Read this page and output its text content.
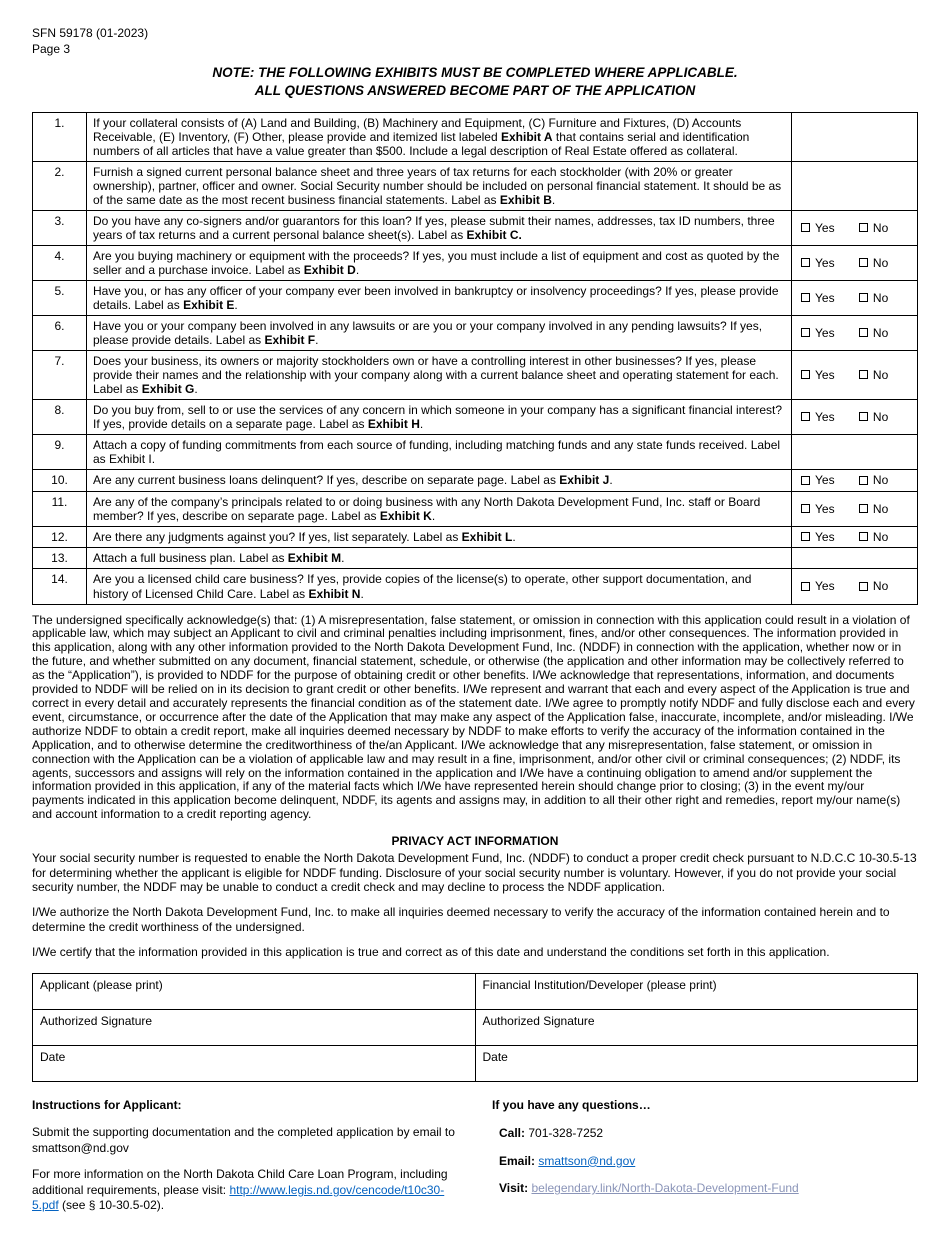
SFN 59178 (01-2023)
Page 3
NOTE: THE FOLLOWING EXHIBITS MUST BE COMPLETED WHERE APPLICABLE.
ALL QUESTIONS ANSWERED BECOME PART OF THE APPLICATION
1.	If your collateral consists of (A) Land and Building, (B) Machinery and Equipment, (C) Furniture and Fixtures, (D) Accounts Receivable, (E) Inventory, (F) Other, please provide and itemized list labeled Exhibit A that contains serial and identification numbers of all articles that have a value greater than $500. Include a legal description of Real Estate offered as collateral.	
2.	Furnish a signed current personal balance sheet and three years of tax returns for each stockholder (with 20% or greater ownership), partner, officer and owner. Social Security number should be included on personal financial statement. It should be as of the same date as the most recent business financial statements. Label as Exhibit B.	
3.	Do you have any co-signers and/or guarantors for this loan? If yes, please submit their names, addresses, tax ID numbers, three years of tax returns and a current personal balance sheet(s). Label as Exhibit C.	Yes
No

4.	Are you buying machinery or equipment with the proceeds? If yes, you must include a list of equipment and cost as quoted by the seller and a purchase invoice. Label as Exhibit D.	Yes
No

5.	Have you, or has any officer of your company ever been involved in bankruptcy or insolvency proceedings? If yes, please provide details. Label as Exhibit E.	Yes
No

6.	Have you or your company been involved in any lawsuits or are you or your company involved in any pending lawsuits? If yes, please provide details. Label as Exhibit F.	Yes
No

7.	Does your business, its owners or majority stockholders own or have a controlling interest in other businesses? If yes, please provide their names and the relationship with your company along with a current balance sheet and operating statement for each. Label as Exhibit G.	Yes
No

8.	Do you buy from, sell to or use the services of any concern in which someone in your company has a significant financial interest? If yes, provide details on a separate page. Label as Exhibit H.	Yes
No

9.	Attach a copy of funding commitments from each source of funding, including matching funds and any state funds received. Label as Exhibit I.	
10.	Are any current business loans delinquent? If yes, describe on separate page. Label as Exhibit J.	Yes
No

11.	Are any of the company’s principals related to or doing business with any North Dakota Development Fund, Inc. staff or Board member? If yes, describe on separate page. Label as Exhibit K.	Yes
No

12.	Are there any judgments against you? If yes, list separately. Label as Exhibit L.	Yes
No

13.	Attach a full business plan. Label as Exhibit M.	
14.	Are you a licensed child care business? If yes, provide copies of the license(s) to operate, other support documentation, and history of Licensed Child Care. Label as Exhibit N.	Yes
No
The undersigned specifically acknowledge(s) that: (1) A misrepresentation, false statement, or omission in connection with this application could result in a violation of applicable law, which may subject an Applicant to civil and criminal penalties including imprisonment, fines, and/or other consequences. The information provided in this application, along with any other information provided to the North Dakota Development Fund, Inc. (NDDF) in connection with the application, whether now or in the future, and whether submitted on any document, financial statement, schedule, or otherwise (the application and other information may be collectively referred to as the “Application”), is provided to NDDF for the purpose of obtaining credit or other benefits. I/We acknowledge that representations, information, and documents provided to NDDF will be relied on in its decision to grant credit or other benefits. I/We represent and warrant that each and every aspect of the Application is true and correct in every detail and accurately represents the financial condition as of the statement date. I/We agree to promptly notify NDDF and fully disclose each and every event, circumstance, or occurrence after the date of the Application that may make any aspect of the Application false, inaccurate, incomplete, and/or misleading. I/We authorize NDDF to obtain a credit report, make all inquiries deemed necessary by NDDF to make efforts to verify the accuracy of the information contained in the Application, and to otherwise determine the creditworthiness of the/an Applicant. I/We acknowledge that any misrepresentation, false statement, or omission in connection with the Application can be a violation of applicable law and may result in a fine, imprisonment, and/or other civil or criminal consequences; (2) NDDF, its agents, successors and assigns will rely on the information contained in the application and I/We have a continuing obligation to amend and/or supplement the information provided in this application, if any of the material facts which I/We have represented herein should change prior to closing; (3) in the event my/our payments indicated in this application become delinquent, NDDF, its agents and assigns may, in addition to all their other right and remedies, report my/our name(s) and account information to a credit reporting agency.
PRIVACY ACT INFORMATION
Your social security number is requested to enable the North Dakota Development Fund, Inc. (NDDF) to conduct a proper credit check pursuant to N.D.C.C 10-30.5-13 for determining whether the applicant is eligible for NDDF funding. Disclosure of your social security number is voluntary. However, if you do not provide your social security number, the NDDF may be unable to conduct a credit check and may decline to process the NDDF application.
I/We authorize the North Dakota Development Fund, Inc. to make all inquiries deemed necessary to verify the accuracy of the information contained herein and to determine the credit worthiness of the undersigned.
I/We certify that the information provided in this application is true and correct as of this date and understand the conditions set forth in this application.
Applicant (please print)	Financial Institution/Developer (please print)
Authorized Signature	Authorized Signature
Date	Date
Instructions for Applicant:

Submit the supporting documentation and the completed application by email to smattson@nd.gov

For more information on the North Dakota Child Care Loan Program, including additional requirements, please visit: http://www.legis.nd.gov/cencode/t10c30-5.pdf (see § 10-30.5-02).

If you have any questions…
Call: 701-328-7252
Email: smattson@nd.gov
Visit: belegendary.link/North-Dakota-Development-Fund
